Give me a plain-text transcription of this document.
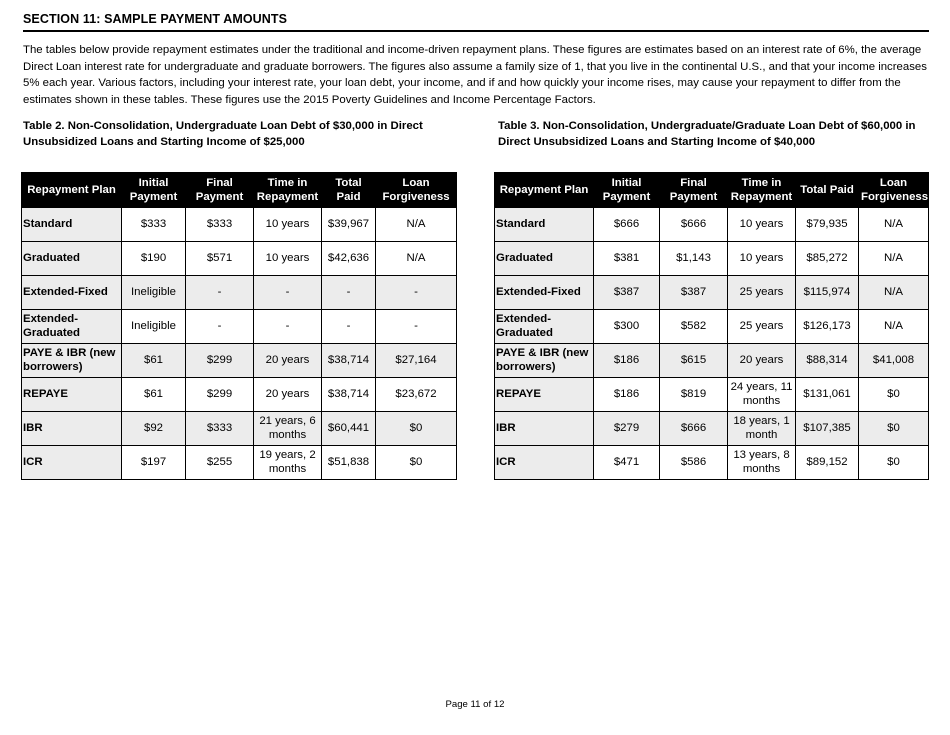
SECTION 11: SAMPLE PAYMENT AMOUNTS
The tables below provide repayment estimates under the traditional and income-driven repayment plans. These figures are estimates based on an interest rate of 6%, the average Direct Loan interest rate for undergraduate and graduate borrowers. The figures also assume a family size of 1, that you live in the continental U.S., and that your income increases 5% each year. Various factors, including your interest rate, your loan debt, your income, and if and how quickly your income rises, may cause your repayment to differ from the estimates shown in these tables. These figures use the 2015 Poverty Guidelines and Income Percentage Factors.
Table 2. Non-Consolidation, Undergraduate Loan Debt of $30,000 in Direct Unsubsidized Loans and Starting Income of $25,000
Table 3. Non-Consolidation, Undergraduate/Graduate Loan Debt of $60,000 in Direct Unsubsidized Loans and Starting Income of $40,000
Repayment Plan	Initial Payment	Final Payment	Time in Repayment	Total Paid	Loan Forgiveness
Standard	$333	$333	10 years	$39,967	N/A
Graduated	$190	$571	10 years	$42,636	N/A
Extended-Fixed	Ineligible	-	-	-	-
Extended-Graduated	Ineligible	-	-	-	-
PAYE & IBR (new borrowers)	$61	$299	20 years	$38,714	$27,164
REPAYE	$61	$299	20 years	$38,714	$23,672
IBR	$92	$333	21 years, 6 months	$60,441	$0
ICR	$197	$255	19 years, 2 months	$51,838	$0
Repayment Plan	Initial Payment	Final Payment	Time in Repayment	Total Paid	Loan Forgiveness
Standard	$666	$666	10 years	$79,935	N/A
Graduated	$381	$1,143	10 years	$85,272	N/A
Extended-Fixed	$387	$387	25 years	$115,974	N/A
Extended-Graduated	$300	$582	25 years	$126,173	N/A
PAYE & IBR (new borrowers)	$186	$615	20 years	$88,314	$41,008
REPAYE	$186	$819	24 years, 11 months	$131,061	$0
IBR	$279	$666	18 years, 1 month	$107,385	$0
ICR	$471	$586	13 years, 8 months	$89,152	$0
Page 11 of 12
